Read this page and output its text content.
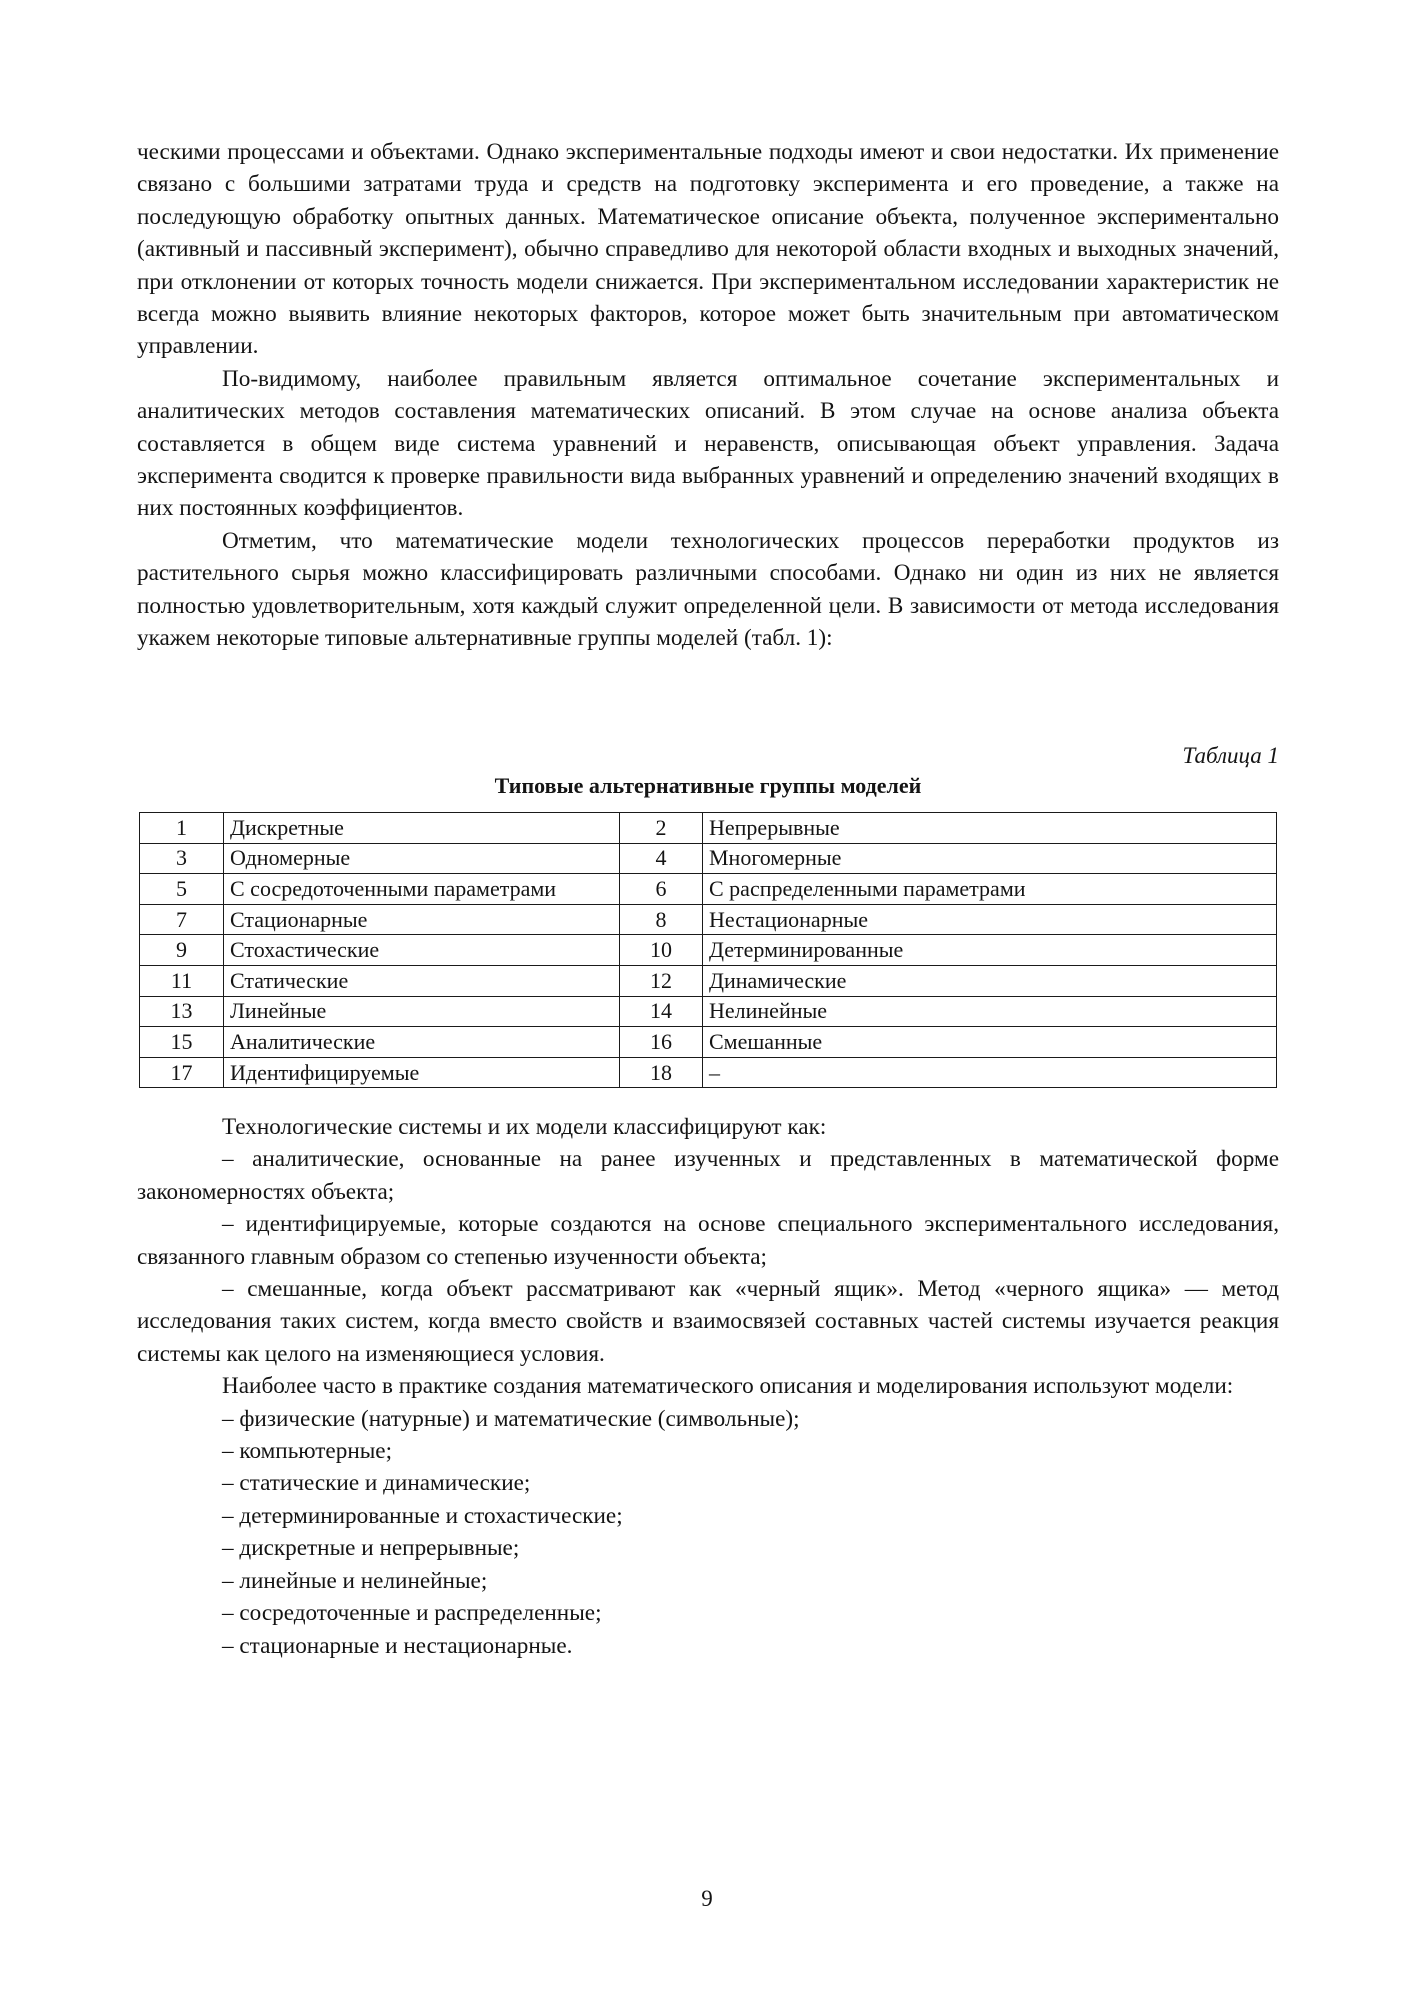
ческими процессами и объектами. Однако экспериментальные подходы имеют и свои недостатки. Их применение связано с большими затратами труда и средств на подготовку эксперимента и его проведение, а также на последующую обработку опытных данных. Математическое описание объекта, полученное экспериментально (активный и пассивный эксперимент), обычно справедливо для некоторой области входных и выходных значений, при отклонении от которых точность модели снижается. При экспериментальном исследовании характеристик не всегда можно выявить влияние некоторых факторов, которое может быть значительным при автоматическом управлении.

По-видимому, наиболее правильным является оптимальное сочетание экспериментальных и аналитических методов составления математических описаний. В этом случае на основе анализа объекта составляется в общем виде система уравнений и неравенств, описывающая объект управления. Задача эксперимента сводится к проверке правильности вида выбранных уравнений и определению значений входящих в них постоянных коэффициентов.

Отметим, что математические модели технологических процессов переработки продуктов из растительного сырья можно классифицировать различными способами. Однако ни один из них не является полностью удовлетворительным, хотя каждый служит определенной цели. В зависимости от метода исследования укажем некоторые типовые альтернативные группы моделей (табл. 1):

Таблица 1
Типовые альтернативные группы моделей
1	Дискретные	2	Непрерывные
3	Одномерные	4	Многомерные
5	С сосредоточенными параметрами	6	С распределенными параметрами
7	Стационарные	8	Нестационарные
9	Стохастические	10	Детерминированные
11	Статические	12	Динамические
13	Линейные	14	Нелинейные
15	Аналитические	16	Смешанные
17	Идентифицируемые	18	–

Технологические системы и их модели классифицируют как:

– аналитические, основанные на ранее изученных и представленных в математической форме закономерностях объекта;

– идентифицируемые, которые создаются на основе специального экспериментального исследования, связанного главным образом со степенью изученности объекта;

– смешанные, когда объект рассматривают как «черный ящик». Метод «черного ящика» — метод исследования таких систем, когда вместо свойств и взаимосвязей составных частей системы изучается реакция системы как целого на изменяющиеся условия.

Наиболее часто в практике создания математического описания и моделирования используют модели:

– физические (натурные) и математические (символьные);

– компьютерные;

– статические и динамические;

– детерминированные и стохастические;

– дискретные и непрерывные;

– линейные и нелинейные;

– сосредоточенные и распределенные;

– стационарные и нестационарные.

9
